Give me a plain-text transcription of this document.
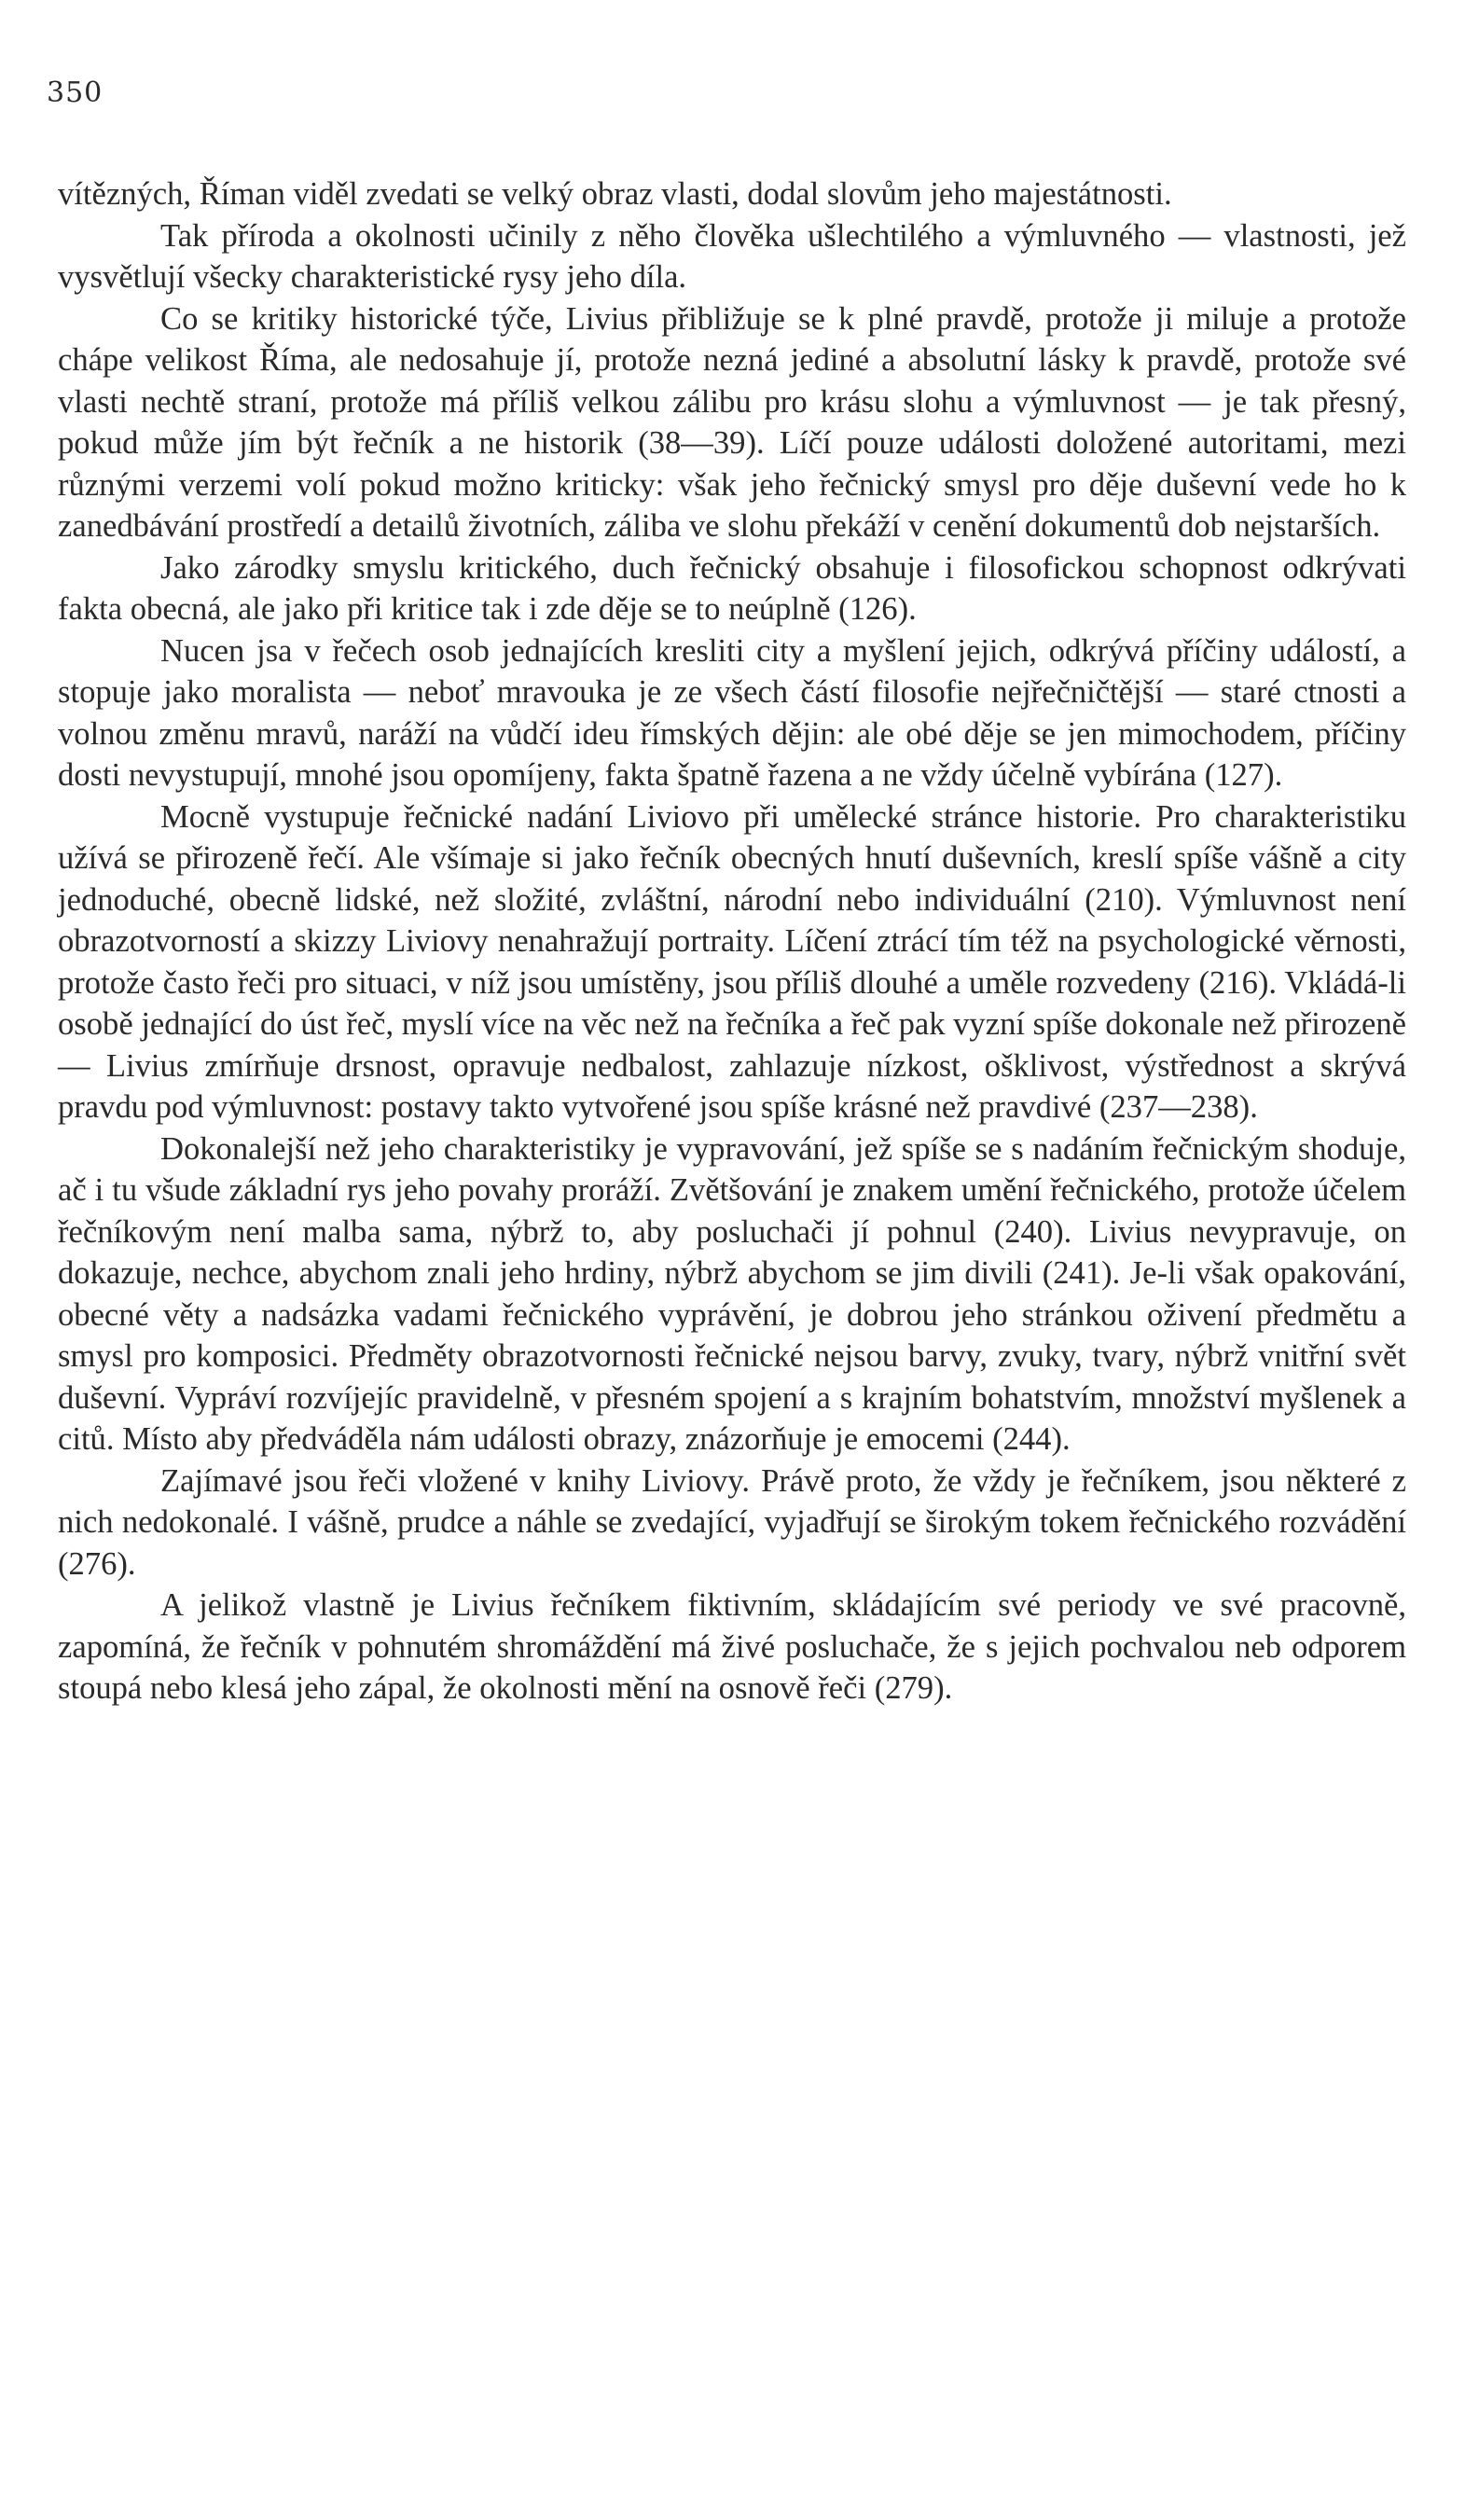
350

vítězných, Říman viděl zvedati se velký obraz vlasti, dodal slovům jeho majestátnosti.

Tak příroda a okolnosti učinily z něho člověka ušlechtilého a výmluvného — vlastnosti, jež vysvětlují všecky charakteristické rysy jeho díla.

Co se kritiky historické týče, Livius přibližuje se k plné pravdě, protože ji miluje a protože chápe velikost Říma, ale nedosahuje jí, protože nezná jediné a absolutní lásky k pravdě, protože své vlasti nechtě straní, protože má příliš velkou zálibu pro krásu slohu a výmluvnost — je tak přesný, pokud může jím být řečník a ne historik (38—39). Líčí pouze události doložené autoritami, mezi různými verzemi volí pokud možno kriticky: však jeho řečnický smysl pro děje duševní vede ho k zanedbávání prostředí a detailů životních, záliba ve slohu překáží v cenění dokumentů dob nejstarších.

Jako zárodky smyslu kritického, duch řečnický obsahuje i filosofickou schopnost odkrývati fakta obecná, ale jako při kritice tak i zde děje se to neúplně (126).

Nucen jsa v řečech osob jednajících kresliti city a myšlení jejich, odkrývá příčiny událostí, a stopuje jako moralista — neboť mravouka je ze všech částí filosofie nejřečničtější — staré ctnosti a volnou změnu mravů, naráží na vůdčí ideu římských dějin: ale obé děje se jen mimochodem, příčiny dosti nevystupují, mnohé jsou opomíjeny, fakta špatně řazena a ne vždy účelně vybírána (127).

Mocně vystupuje řečnické nadání Liviovo při umělecké stránce historie. Pro charakteristiku užívá se přirozeně řečí. Ale všímaje si jako řečník obecných hnutí duševních, kreslí spíše vášně a city jednoduché, obecně lidské, než složité, zvláštní, národní nebo individuální (210). Výmluvnost není obrazotvorností a skizzy Liviovy nenahražují portraity. Líčení ztrácí tím též na psychologické věrnosti, protože často řeči pro situaci, v níž jsou umístěny, jsou příliš dlouhé a uměle rozvedeny (216). Vkládá-li osobě jednající do úst řeč, myslí více na věc než na řečníka a řeč pak vyzní spíše dokonale než přirozeně — Livius zmírňuje drsnost, opravuje nedbalost, zahlazuje nízkost, ošklivost, výstřednost a skrývá pravdu pod výmluvnost: postavy takto vytvořené jsou spíše krásné než pravdivé (237—238).

Dokonalejší než jeho charakteristiky je vypravování, jež spíše se s nadáním řečnickým shoduje, ač i tu všude základní rys jeho povahy proráží. Zvětšování je znakem umění řečnického, protože účelem řečníkovým není malba sama, nýbrž to, aby posluchači jí pohnul (240). Livius nevypravuje, on dokazuje, nechce, abychom znali jeho hrdiny, nýbrž abychom se jim divili (241). Je-li však opakování, obecné věty a nadsázka vadami řečnického vyprávění, je dobrou jeho stránkou oživení předmětu a smysl pro komposici. Předměty obrazotvornosti řečnické nejsou barvy, zvuky, tvary, nýbrž vnitřní svět duševní. Vypráví rozvíjejíc pravidelně, v přesném spojení a s krajním bohatstvím, množství myšlenek a citů. Místo aby předváděla nám události obrazy, znázorňuje je emocemi (244).

Zajímavé jsou řeči vložené v knihy Liviovy. Právě proto, že vždy je řečníkem, jsou některé z nich nedokonalé. I vášně, prudce a náhle se zvedající, vyjadřují se širokým tokem řečnického rozvádění (276).

A jelikož vlastně je Livius řečníkem fiktivním, skládajícím své periody ve své pracovně, zapomíná, že řečník v pohnutém shromáždění má živé posluchače, že s jejich pochvalou neb odporem stoupá nebo klesá jeho zápal, že okolnosti mění na osnově řeči (279).
